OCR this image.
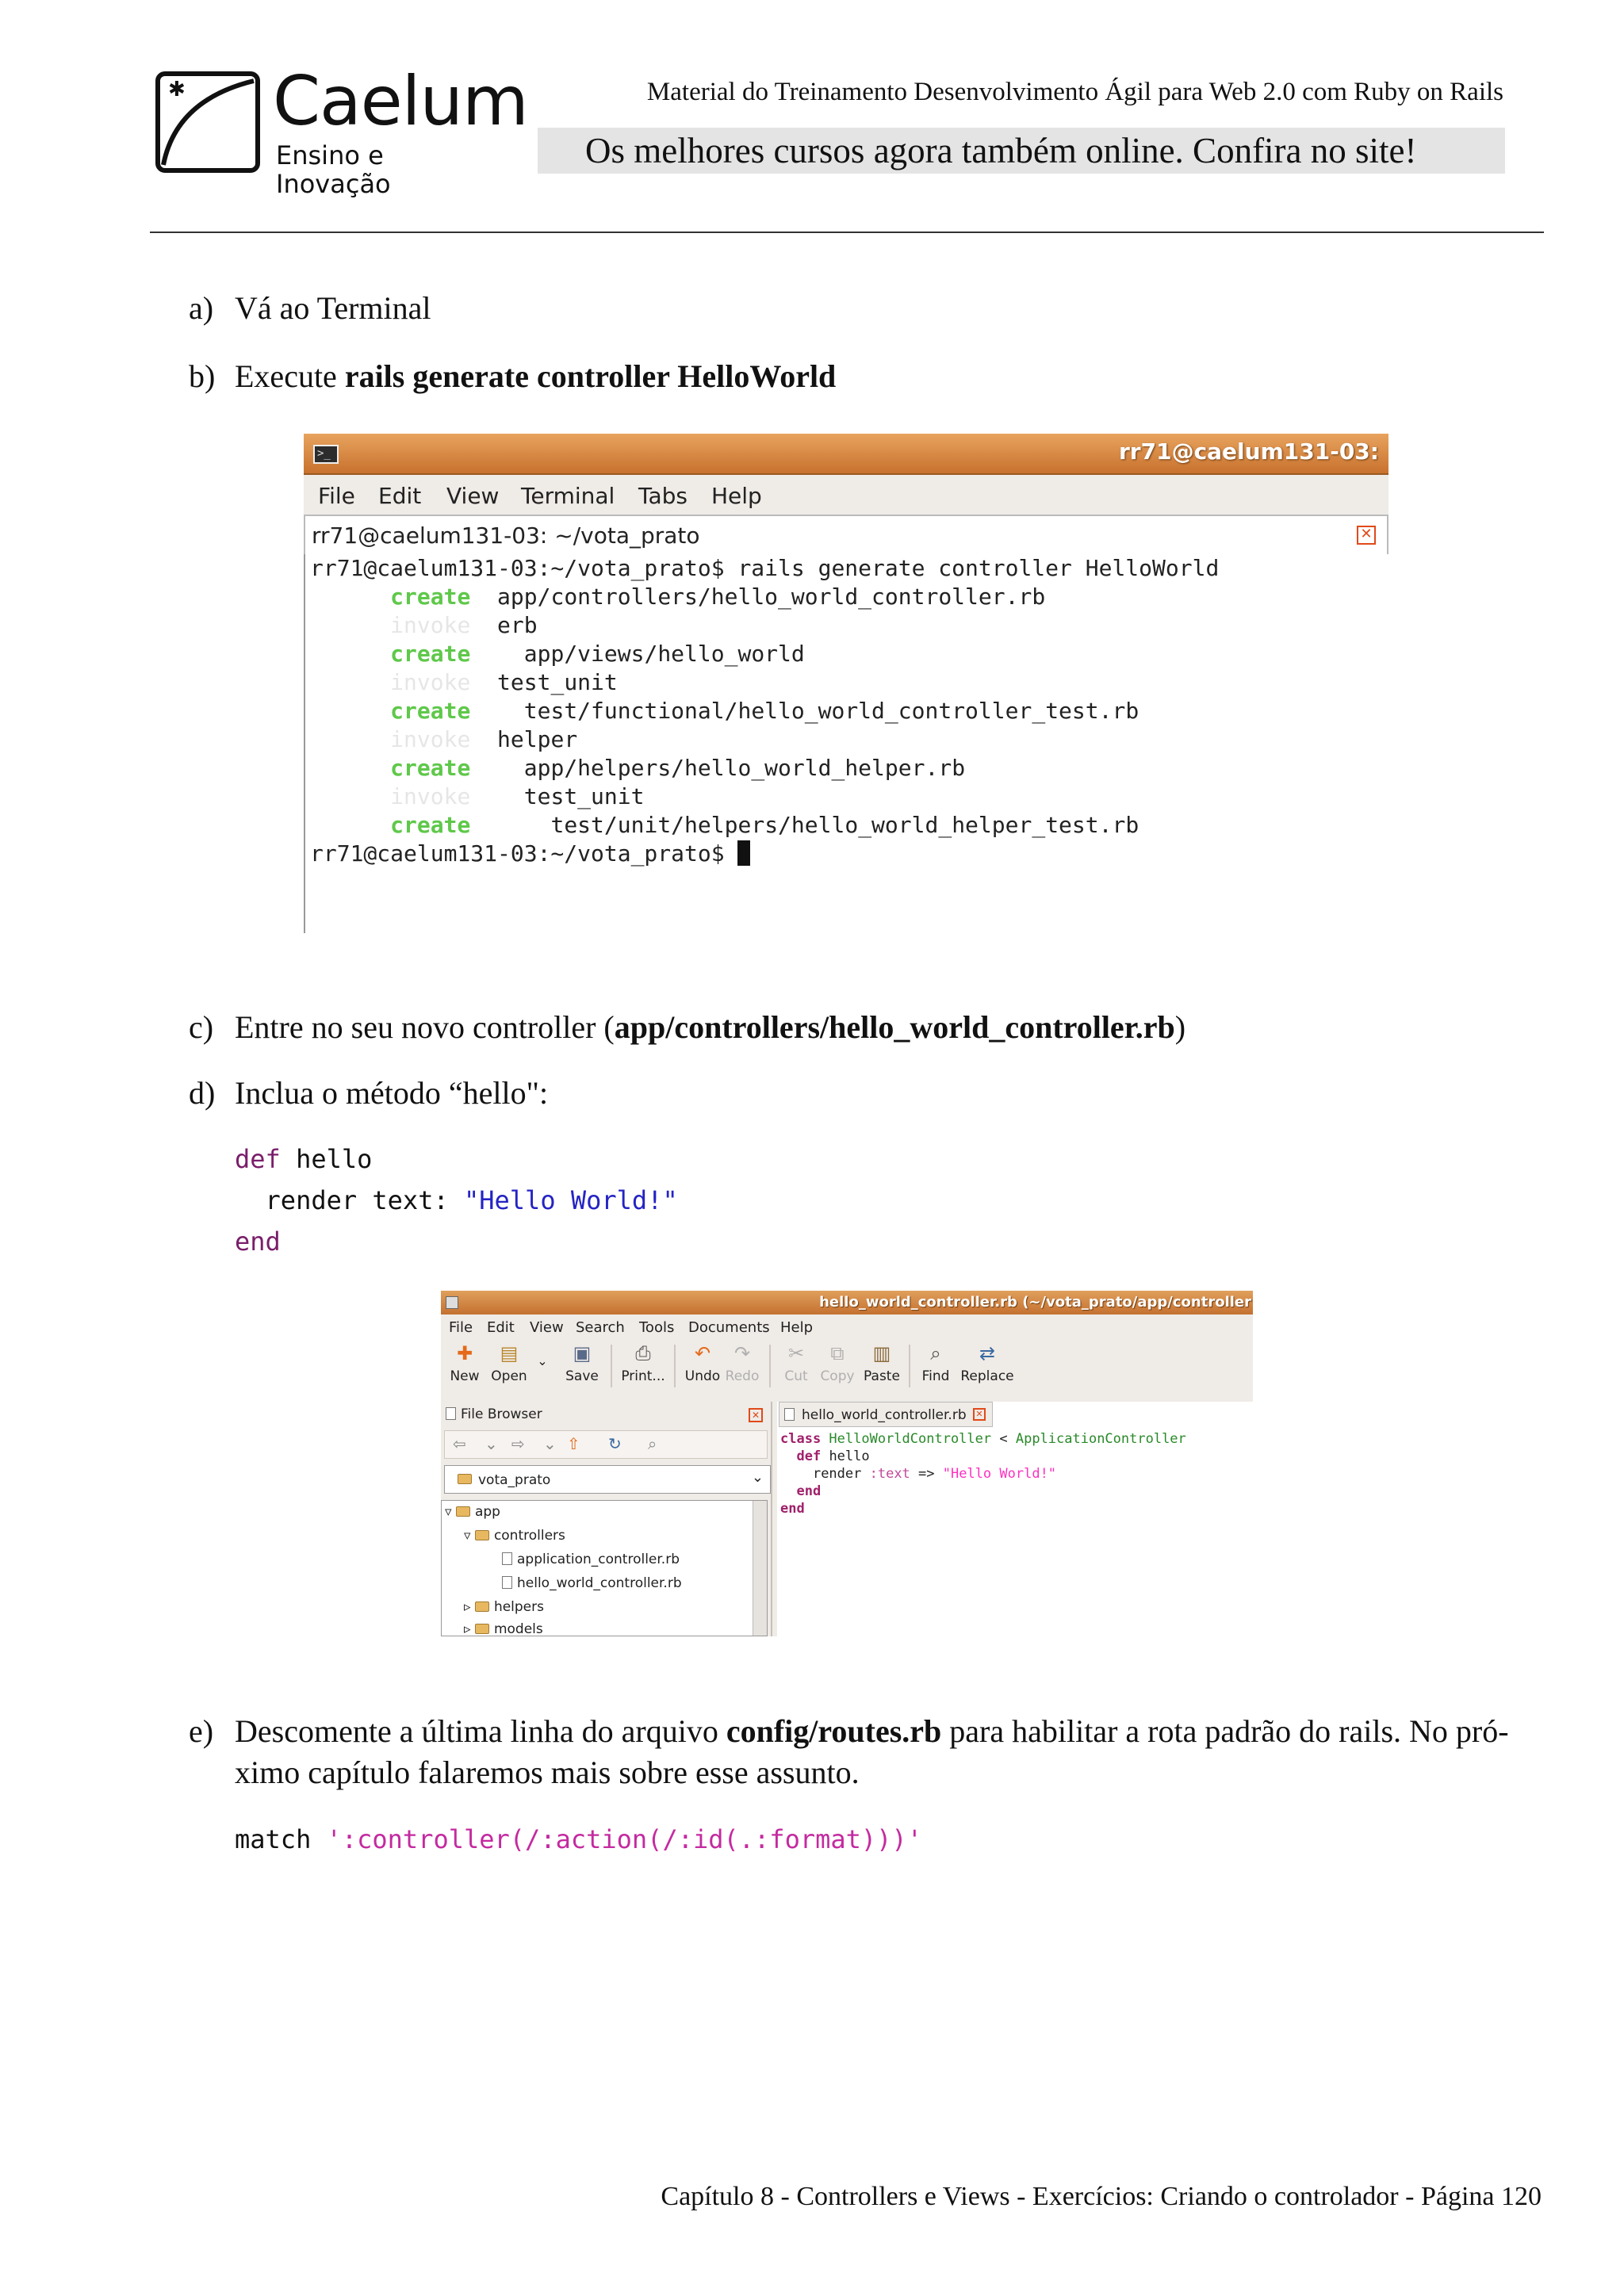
✱ Caelum
Ensino e Inovação
Material do Treinamento Desenvolvimento Ágil para Web 2.0 com Ruby on Rails
Os melhores cursos agora também online. Confira no site!
a) Vá ao Terminal
b) Execute rails generate controller HelloWorld
>_	rr71@caelum131-03:
File Edit View Terminal Tabs Help
rr71@caelum131-03: ~/vota_prato	✕
rr71@caelum131-03:~/vota_prato$ rails generate controller HelloWorld
create app/controllers/hello_world_controller.rb
invoke erb
create app/views/hello_world
invoke test_unit
create test/functional/hello_world_controller_test.rb
invoke helper
create app/helpers/hello_world_helper.rb
invoke test_unit
create	test/unit/helpers/hello_world_helper_test.rb
rr71@caelum131-03:~/vota_prato$
c) Entre no seu novo controller (app/controllers/hello_world_controller.rb)
d) Inclua o método “hello":
def hello
render text: "Hello World!"
end
hello_world_controller.rb (~/vota_prato/app/controller
File Edit View Search Tools Documents Help
✚
New
▤
Open
⌄	▣
Save
⎙
Print...
↶
Undo
↷
Redo
✂
Cut
⧉
Copy
▥
Paste
⌕
Find
⇄
Replace
File Browser	✕
⇦ ⌄ ⇨ ⌄ ⇧ ↻ ⌕
vota_prato	⌄
▿ app
▿ controllers
application_controller.rb
hello_world_controller.rb
▹ helpers
▹ models
hello_world_controller.rb	✕
class HelloWorldController < ApplicationController
def hello
render :text => "Hello World!"
end
end
e) Descomente a última linha do arquivo config/routes.rb para habilitar a rota padrão do rails. No pró-
ximo capítulo falaremos mais sobre esse assunto.
match ':controller(/:action(/:id(.:format)))'
Capítulo 8 - Controllers e Views - Exercícios: Criando o controlador - Página 120
